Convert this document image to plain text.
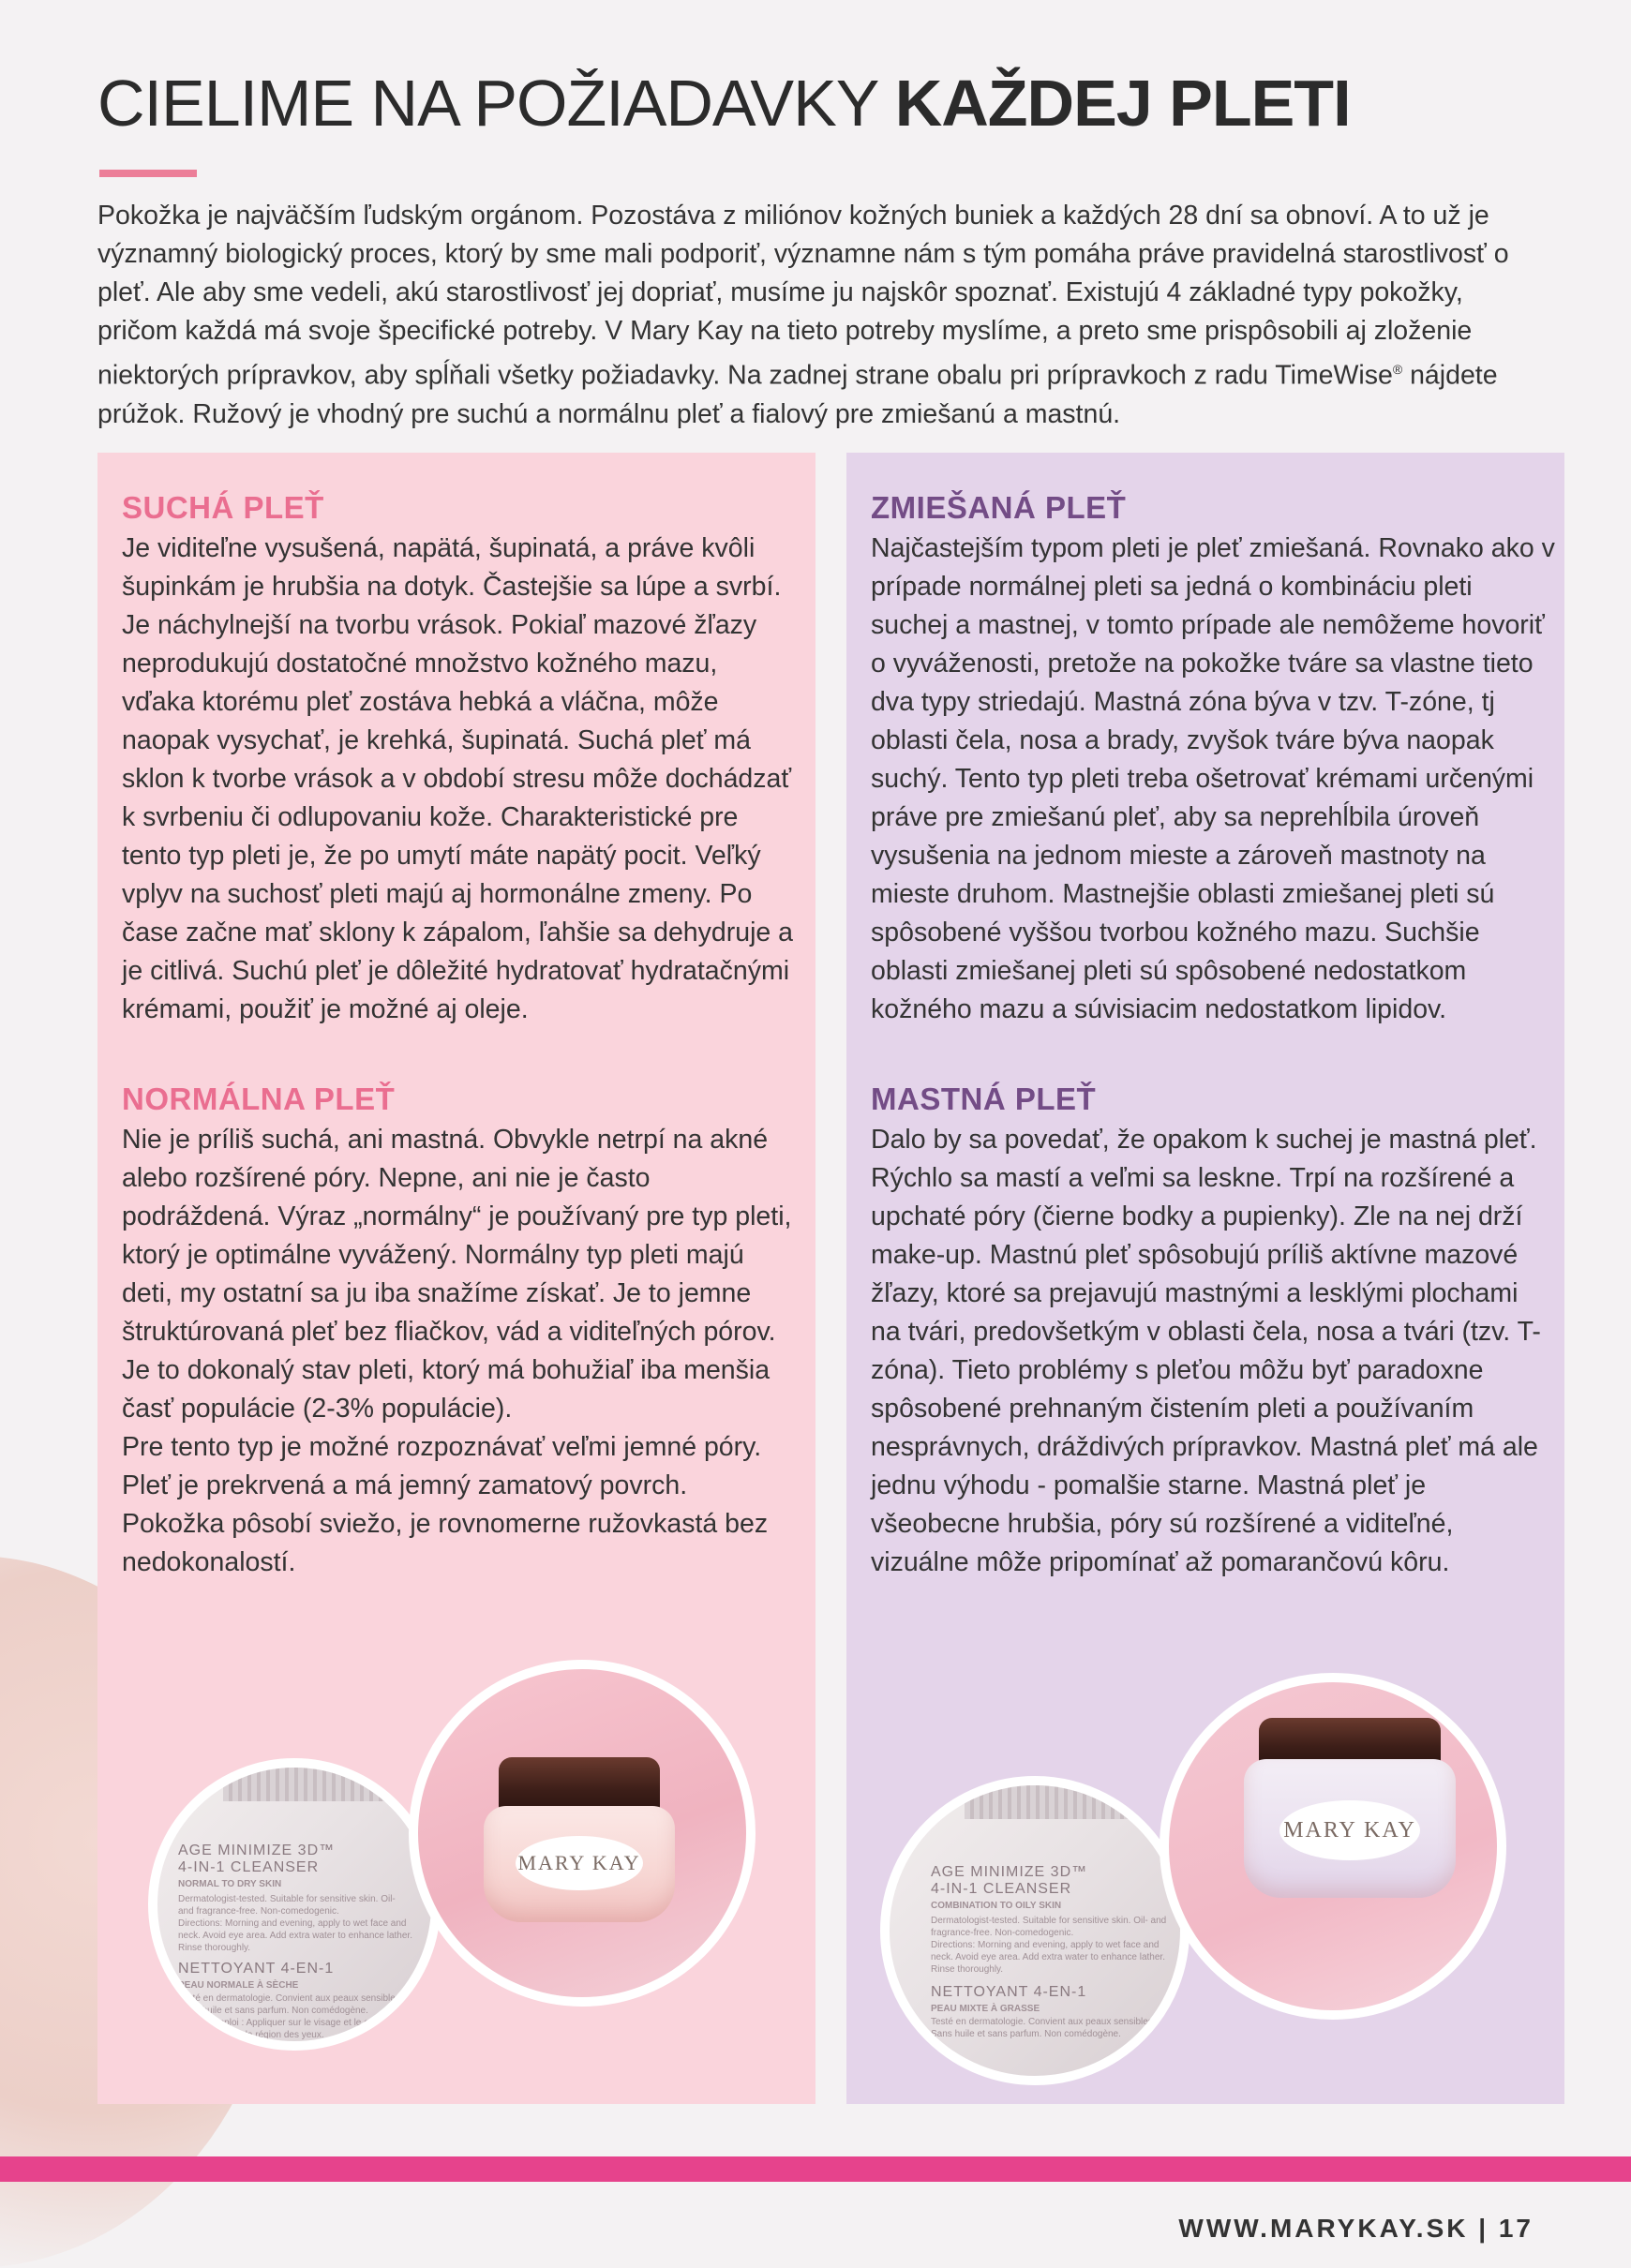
CIELIME NA POŽIADAVKY KAŽDEJ PLETI

Pokožka je najväčším ľudským orgánom. Pozostáva z miliónov kožných buniek a každých 28 dní sa obnoví. A to už je významný biologický proces, ktorý by sme mali podporiť, významne nám s tým pomáha práve pravidelná starostlivosť o pleť. Ale aby sme vedeli, akú starostlivosť jej dopriať, musíme ju najskôr spoznať. Existujú 4 základné typy pokožky, pričom každá má svoje špecifické potreby. V Mary Kay na tieto potreby myslíme, a preto sme prispôsobili aj zloženie niektorých prípravkov, aby spĺňali všetky požiadavky. Na zadnej strane obalu pri prípravkoch z radu TimeWise® nájdete prúžok. Ružový je vhodný pre suchú a normálnu pleť a fialový pre zmiešanú a mastnú.

SUCHÁ PLEŤ

Je viditeľne vysušená, napätá, šupinatá, a práve kvôli šupinkám je hrubšia na dotyk. Častejšie sa lúpe a svrbí. Je náchylnejší na tvorbu vrások. Pokiaľ mazové žľazy neprodukujú dostatočné množstvo kožného mazu, vďaka ktorému pleť zostáva hebká a vláčna, môže naopak vysychať, je krehká, šupinatá. Suchá pleť má sklon k tvorbe vrások a v období stresu môže dochádzať k svrbeniu či odlupovaniu kože. Charakteristické pre tento typ pleti je, že po umytí máte napätý pocit. Veľký vplyv na suchosť pleti majú aj hormonálne zmeny. Po čase začne mať sklony k zápalom, ľahšie sa dehydruje a je citlivá. Suchú pleť je dôležité hydratovať hydratačnými krémami, použiť je možné aj oleje.

NORMÁLNA PLEŤ

Nie je príliš suchá, ani mastná. Obvykle netrpí na akné alebo rozšírené póry. Nepne, ani nie je často podráždená. Výraz „normálny“ je používaný pre typ pleti, ktorý je optimálne vyvážený. Normálny typ pleti majú deti, my ostatní sa ju iba snažíme získať. Je to jemne štruktúrovaná pleť bez fliačkov, vád a viditeľných pórov. Je to dokonalý stav pleti, ktorý má bohužiaľ iba menšia časť populácie (2-3% populácie).

Pre tento typ je možné rozpoznávať veľmi jemné póry. Pleť je prekrvená a má jemný zamatový povrch. Pokožka pôsobí sviežo, je rovnomerne ružovkastá bez nedokonalostí.

AGE MINIMIZE 3D™
4-IN-1 CLEANSER
NORMAL TO DRY SKIN
Dermatologist-tested. Suitable for sensitive skin. Oil- and fragrance-free. Non-comedogenic.
Directions: Morning and evening, apply to wet face and neck. Avoid eye area. Add extra water to enhance lather. Rinse thoroughly.
NETTOYANT 4-EN-1
PEAU NORMALE À SÈCHE
Testé en dermatologie. Convient aux peaux sensibles. Sans huile et sans parfum. Non comédogène.
Mode d'emploi : Appliquer sur le visage et le cou humides. Éviter la région des yeux.
MARY KAY
ZMIEŠANÁ PLEŤ

Najčastejším typom pleti je pleť zmiešaná. Rovnako ako v prípade normálnej pleti sa jedná o kombináciu pleti suchej a mastnej, v tomto prípade ale nemôžeme hovoriť o vyváženosti, pretože na pokožke tváre sa vlastne tieto dva typy striedajú. Mastná zóna býva v tzv. T-zóne, tj oblasti čela, nosa a brady, zvyšok tváre býva naopak suchý. Tento typ pleti treba ošetrovať krémami určenými práve pre zmiešanú pleť, aby sa neprehĺbila úroveň vysušenia na jednom mieste a zároveň mastnoty na mieste druhom. Mastnejšie oblasti zmiešanej pleti sú spôsobené vyššou tvorbou kožného mazu. Suchšie oblasti zmiešanej pleti sú spôsobené nedostatkom kožného mazu a súvisiacim nedostatkom lipidov.

MASTNÁ PLEŤ

Dalo by sa povedať, že opakom k suchej je mastná pleť. Rýchlo sa mastí a veľmi sa leskne. Trpí na rozšírené a upchaté póry (čierne bodky a pupienky). Zle na nej drží make-up. Mastnú pleť spôsobujú príliš aktívne mazové žľazy, ktoré sa prejavujú mastnými a lesklými plochami na tvári, predovšetkým v oblasti čela, nosa a tvári (tzv. T-zóna). Tieto problémy s pleťou môžu byť paradoxne spôsobené prehnaným čistením pleti a používaním nesprávnych, dráždivých prípravkov. Mastná pleť má ale jednu výhodu - pomalšie starne. Mastná pleť je všeobecne hrubšia, póry sú rozšírené a viditeľné, vizuálne môže pripomínať až pomarančovú kôru.

AGE MINIMIZE 3D™
4-IN-1 CLEANSER
COMBINATION TO OILY SKIN
Dermatologist-tested. Suitable for sensitive skin. Oil- and fragrance-free. Non-comedogenic.
Directions: Morning and evening, apply to wet face and neck. Avoid eye area. Add extra water to enhance lather. Rinse thoroughly.
NETTOYANT 4-EN-1
PEAU MIXTE À GRASSE
Testé en dermatologie. Convient aux peaux sensibles. Sans huile et sans parfum. Non comédogène.
MARY KAY
WWW.MARYKAY.SK | 17
